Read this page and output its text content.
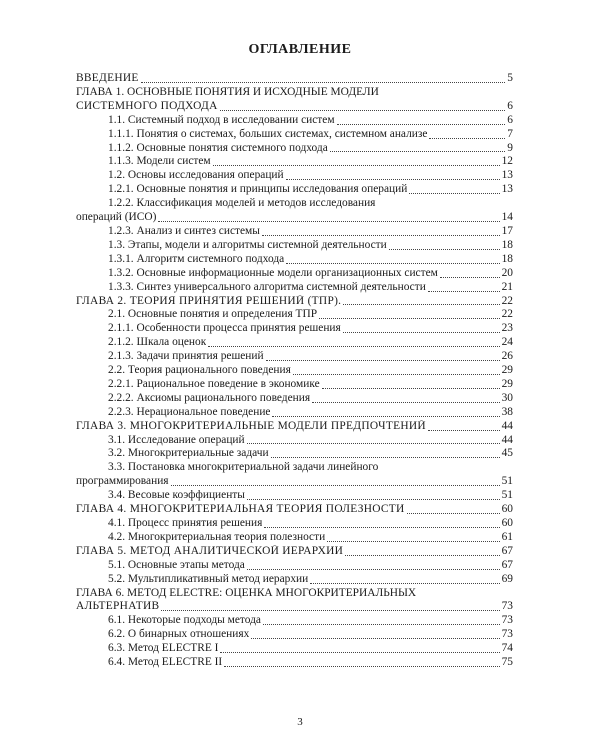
ОГЛАВЛЕНИЕ
ВВЕДЕНИЕ	5
ГЛАВА 1. ОСНОВНЫЕ ПОНЯТИЯ И ИСХОДНЫЕ МОДЕЛИ
СИСТЕМНОГО ПОДХОДА	6
1.1. Системный подход в исследовании систем	6
1.1.1. Понятия о системах, больших системах, системном анализе	7
1.1.2. Основные понятия системного подхода	9
1.1.3. Модели систем	12
1.2. Основы исследования операций	13
1.2.1. Основные понятия и принципы исследования операций	13
1.2.2. Классификация моделей и методов исследования
операций (ИСО)	14
1.2.3. Анализ и синтез системы	17
1.3. Этапы, модели и алгоритмы системной деятельности	18
1.3.1. Алгоритм системного подхода	18
1.3.2. Основные информационные модели организационных систем	20
1.3.3. Синтез универсального алгоритма системной деятельности	21
ГЛАВА 2. ТЕОРИЯ ПРИНЯТИЯ РЕШЕНИЙ (ТПР).	22
2.1. Основные понятия и определения ТПР	22
2.1.1. Особенности процесса принятия решения	23
2.1.2. Шкала оценок	24
2.1.3. Задачи принятия решений	26
2.2. Теория рационального поведения	29
2.2.1. Рациональное поведение в экономике	29
2.2.2. Аксиомы рационального поведения	30
2.2.3. Нерациональное поведение	38
ГЛАВА 3. МНОГОКРИТЕРИАЛЬНЫЕ МОДЕЛИ ПРЕДПОЧТЕНИЙ	44
3.1. Исследование операций	44
3.2. Многокритериальные задачи	45
3.3. Постановка многокритериальной задачи линейного
программирования	51
3.4. Весовые коэффициенты	51
ГЛАВА 4. МНОГОКРИТЕРИАЛЬНАЯ ТЕОРИЯ ПОЛЕЗНОСТИ	60
4.1. Процесс принятия решения	60
4.2. Многокритериальная теория полезности	61
ГЛАВА 5. МЕТОД АНАЛИТИЧЕСКОЙ ИЕРАРХИИ	67
5.1. Основные этапы метода	67
5.2. Мультипликативный метод иерархии	69
ГЛАВА 6. МЕТОД ELECTRE: ОЦЕНКА МНОГОКРИТЕРИАЛЬНЫХ
АЛЬТЕРНАТИВ	73
6.1. Некоторые подходы метода	73
6.2. О бинарных отношениях	73
6.3. Метод ELECTRE I	74
6.4. Метод ELECTRE II	75
3
